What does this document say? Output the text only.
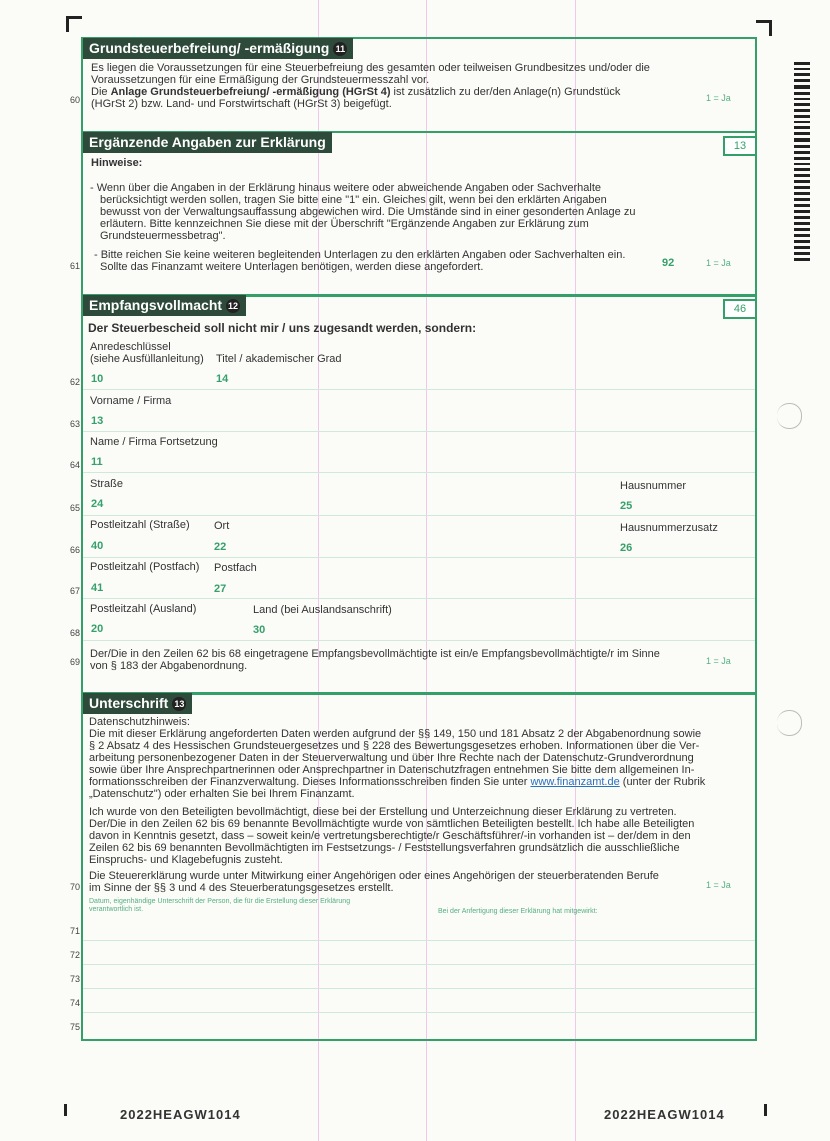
Grundsteuerbefreiung/ -ermäßigung 11
Es liegen die Voraussetzungen für eine Steuerbefreiung des gesamten oder teilweisen Grundbesitzes und/oder die
Voraussetzungen für eine Ermäßigung der Grundsteuermesszahl vor.
Die Anlage Grundsteuerbefreiung/ -ermäßigung (HGrSt 4) ist zusätzlich zu der/den Anlage(n) Grundstück
(HGrSt 2) bzw. Land- und Forstwirtschaft (HGrSt 3) beigefügt.
60	1 = Ja
Ergänzende Angaben zur Erklärung	13
Hinweise:
- Wenn über die Angaben in der Erklärung hinaus weitere oder abweichende Angaben oder Sachverhalte
berücksichtigt werden sollen, tragen Sie bitte eine "1" ein. Gleiches gilt, wenn bei den erklärten Angaben
bewusst von der Verwaltungsauffassung abgewichen wird. Die Umstände sind in einer gesonderten Anlage zu
erläutern. Bitte kennzeichnen Sie diese mit der Überschrift "Ergänzende Angaben zur Erklärung zum
Grundsteuermessbetrag".
- Bitte reichen Sie keine weiteren begleitenden Unterlagen zu den erklärten Angaben oder Sachverhalten ein.
Sollte das Finanzamt weitere Unterlagen benötigen, werden diese angefordert.	92
61	1 = Ja
Empfangsvollmacht 12	46
Der Steuerbescheid soll nicht mir / uns zugesandt werden, sondern:
Anredeschlüssel
(siehe Ausfüllanleitung) Titel / akademischer Grad
62 10	14
Vorname / Firma
63 13
Name / Firma Fortsetzung
64 11
Straße	Hausnummer
65 24	25
Postleitzahl (Straße) Ort	Hausnummerzusatz
66 40	22	26
Postleitzahl (Postfach) Postfach
67 41	27
Postleitzahl (Ausland)	Land (bei Auslandsanschrift)
68 20	30
Der/Die in den Zeilen 62 bis 68 eingetragene Empfangsbevollmächtigte ist ein/e Empfangsbevollmächtigte/r im Sinne
von § 183 der Abgabenordnung.
69	1 = Ja
Unterschrift 13
Datenschutzhinweis:
Die mit dieser Erklärung angeforderten Daten werden aufgrund der §§ 149, 150 und 181 Absatz 2 der Abgabenordnung sowie
§ 2 Absatz 4 des Hessischen Grundsteuergesetzes und § 228 des Bewertungsgesetzes erhoben. Informationen über die Ver-
arbeitung personenbezogener Daten in der Steuerverwaltung und über Ihre Rechte nach der Datenschutz-Grundverordnung
sowie über Ihre Ansprechpartnerinnen oder Ansprechpartner in Datenschutzfragen entnehmen Sie bitte dem allgemeinen In-
formationsschreiben der Finanzverwaltung. Dieses Informationsschreiben finden Sie unter www.finanzamt.de (unter der Rubrik
„Datenschutz") oder erhalten Sie bei Ihrem Finanzamt.
Ich wurde von den Beteiligten bevollmächtigt, diese bei der Erstellung und Unterzeichnung dieser Erklärung zu vertreten.
Der/Die in den Zeilen 62 bis 69 benannte Bevollmächtigte wurde von sämtlichen Beteiligten bestellt. Ich habe alle Beteiligten
davon in Kenntnis gesetzt, dass – soweit kein/e vertretungsberechtigte/r Geschäftsführer/-in vorhanden ist – der/dem in den
Zeilen 62 bis 69 benannten Bevollmächtigten im Festsetzungs- / Feststellungsverfahren grundsätzlich die ausschließliche
Einspruchs- und Klagebefugnis zusteht.
Die Steuererklärung wurde unter Mitwirkung einer Angehörigen oder eines Angehörigen der steuerberatenden Berufe
im Sinne der §§ 3 und 4 des Steuerberatungsgesetzes erstellt.
70	1 = Ja
Datum, eigenhändige Unterschrift der Person, die für die Erstellung dieser Erklärung
verantwortlich ist.	Bei der Anfertigung dieser Erklärung hat mitgewirkt:
71
72
73
74
75
2022HEAGW1014	2022HEAGW1014
